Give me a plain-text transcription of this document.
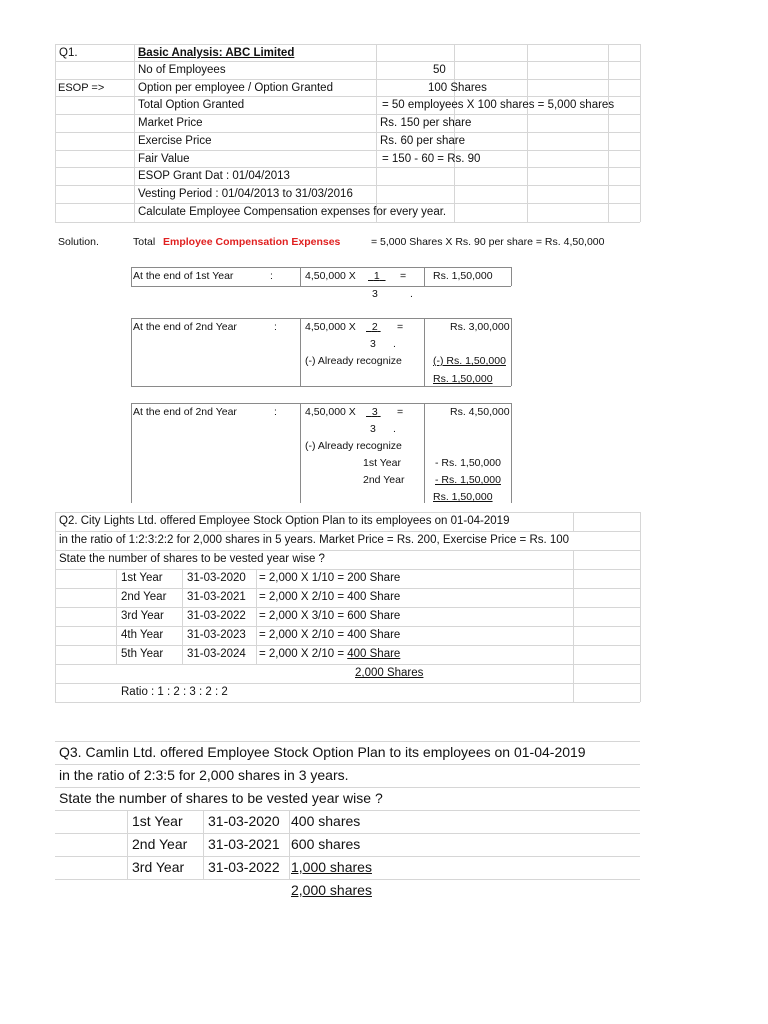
Q1.	Basic Analysis: ABC Limited
No of Employees	50
ESOP =>	Option per employee / Option Granted	100 Shares
Total Option Granted	= 50 employees X 100 shares = 5,000 shares
Market Price	Rs. 150 per share
Exercise Price	Rs. 60 per share
Fair Value	= 150 - 60 = Rs. 90
ESOP Grant Dat : 01/04/2013
Vesting Period : 01/04/2013 to 31/03/2016
Calculate Employee Compensation expenses for every year.
Solution.	Total Employee Compensation Expenses	= 5,000 Shares X Rs. 90 per share = Rs. 4,50,000
At the end of 1st Year	:	4,50,000 X	1	=	Rs. 1,50,000
3	.
At the end of 2nd Year	:	4,50,000 X	2 =	Rs. 3,00,000
3 .
(-) Already recognize	(-) Rs. 1,50,000
Rs. 1,50,000
At the end of 2nd Year	:	4,50,000 X	3 =	Rs. 4,50,000
3 .
(-) Already recognize
1st Year	- Rs. 1,50,000
2nd Year	- Rs. 1,50,000
Rs. 1,50,000
Q2. City Lights Ltd. offered Employee Stock Option Plan to its employees on 01-04-2019
in the ratio of 1:2:3:2:2 for 2,000 shares in 5 years. Market Price = Rs. 200, Exercise Price = Rs. 100
State the number of shares to be vested year wise ?
1st Year 31-03-2020 = 2,000 X 1/10 = 200 Share
2nd Year 31-03-2021 = 2,000 X 2/10 = 400 Share
3rd Year 31-03-2022 = 2,000 X 3/10 = 600 Share
4th Year 31-03-2023 = 2,000 X 2/10 = 400 Share
5th Year 31-03-2024 = 2,000 X 2/10 = 400 Share
2,000 Shares
Ratio : 1 : 2 : 3 : 2 : 2
Q3. Camlin Ltd. offered Employee Stock Option Plan to its employees on 01-04-2019
in the ratio of 2:3:5 for 2,000 shares in 3 years.
State the number of shares to be vested year wise ?
1st Year 31-03-2020 400 shares
2nd Year 31-03-2021 600 shares
3rd Year 31-03-2022 1,000 shares
2,000 shares
